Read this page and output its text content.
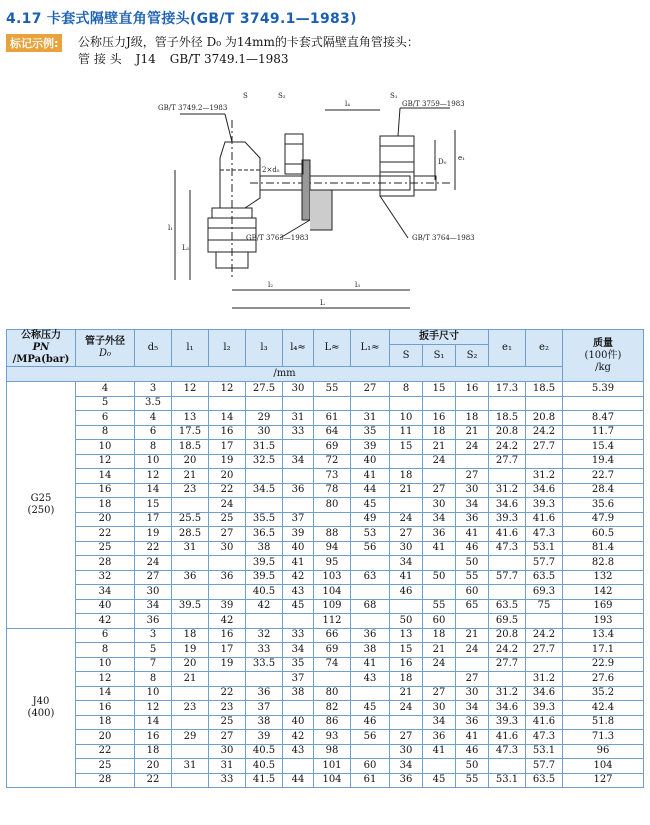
4.17 卡套式隔壁直角管接头(GB/T 3749.1—1983)
标记示例:	公称压力J级，管子外径 D₀ 为14mm的卡套式隔壁直角管接头：
管 接 头 J14 GB/T 3749.1—1983
GB/T 3749.2—1983
S	S₂
l₄
S₁
GB/T 3759—1983
2×d₅
D₀ e₁
l₁
L₁
GB/T 3763—1983	GB/T 3764—1983
l₂	l₃
L
公称压力
PN
/MPa(bar)	管子外径
D₀	d₅	l₁	l₂	l₃	l₄≈	L≈	L₁≈	扳手尺寸			e₁	e₂	质量
(100件)
/kg
									S	S₁	S₂			
/mm														

G25
(250)	4	3	12	12	27.5	30	55	27	8	15	16	17.3	18.5	5.39
	5	3.5												
	6	4	13	14	29	31	61	31	10	16	18	18.5	20.8	8.47
	8	6	17.5	16	30	33	64	35	11	18	21	20.8	24.2	11.7
	10	8	18.5	17	31.5		69	39	15	21	24	24.2	27.7	15.4
	12	10	20	19	32.5	34	72	40		24		27.7		19.4
	14	12	21	20			73	41	18		27		31.2	22.7
	16	14	23	22	34.5	36	78	44	21	27	30	31.2	34.6	28.4
	18	15		24			80	45		30	34	34.6	39.3	35.6
	20	17	25.5	25	35.5	37		49	24	34	36	39.3	41.6	47.9
	22	19	28.5	27	36.5	39	88	53	27	36	41	41.6	47.3	60.5
	25	22	31	30	38	40	94	56	30	41	46	47.3	53.1	81.4
	28	24			39.5	41	95		34		50		57.7	82.8
	32	27	36	36	39.5	42	103	63	41	50	55	57.7	63.5	132
	34	30			40.5	43	104		46		60		69.3	142
	40	34	39.5	39	42	45	109	68		55	65	63.5	75	169
	42	36		42			112		50	60		69.5		193

J40
(400)	6	3	18	16	32	33	66	36	13	18	21	20.8	24.2	13.4
	8	5	19	17	33	34	69	38	15	21	24	24.2	27.7	17.1
	10	7	20	19	33.5	35	74	41	16	24		27.7		22.9
	12	8	21			37		43	18		27		31.2	27.6
	14	10		22	36	38	80		21	27	30	31.2	34.6	35.2
	16	12	23	23	37		82	45	24	30	34	34.6	39.3	42.4
	18	14		25	38	40	86	46		34	36	39.3	41.6	51.8
	20	16	29	27	39	42	93	56	27	36	41	41.6	47.3	71.3
	22	18		30	40.5	43	98		30	41	46	47.3	53.1	96
	25	20	31	31	40.5		101	60	34		50		57.7	104
	28	22		33	41.5	44	104	61	36	45	55	53.1	63.5	127
